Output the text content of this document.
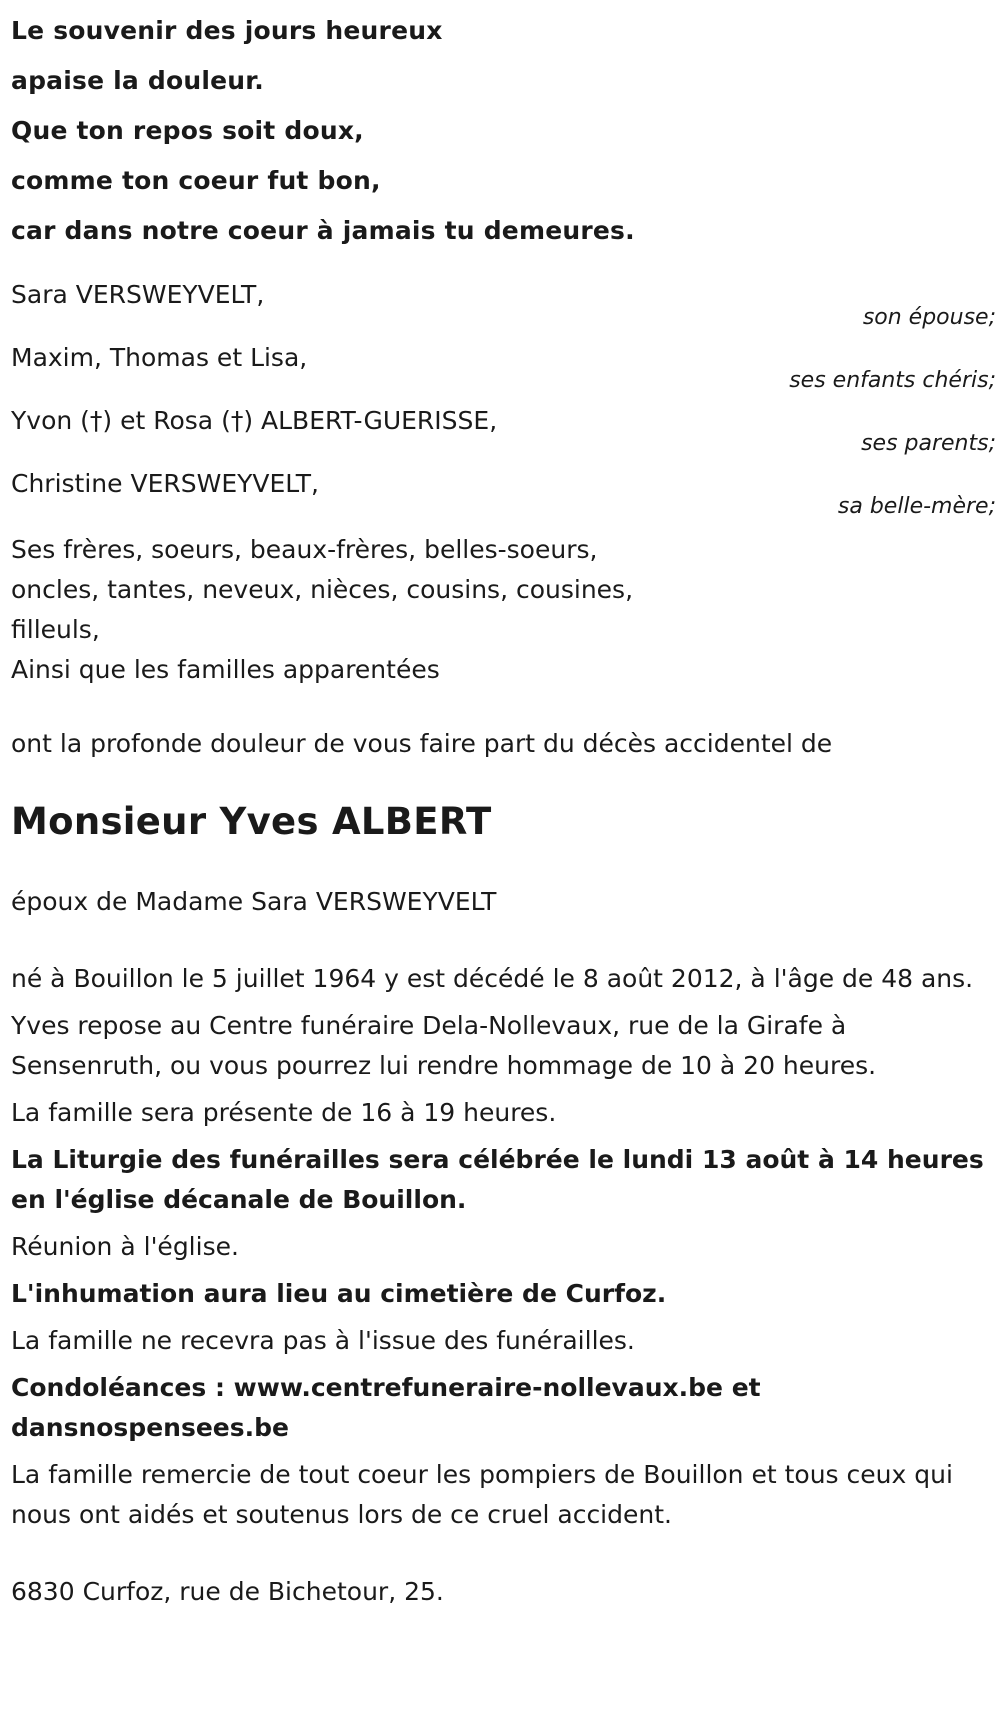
Le souvenir des jours heureux
apaise la douleur.
Que ton repos soit doux,
comme ton coeur fut bon,
car dans notre coeur à jamais tu demeures.
Sara VERSWEYVELT,
son épouse;
Maxim, Thomas et Lisa,
ses enfants chéris;
Yvon (†) et Rosa (†) ALBERT-GUERISSE,
ses parents;
Christine VERSWEYVELT,
sa belle-mère;
Ses frères, soeurs, beaux-frères, belles-soeurs,
oncles, tantes, neveux, nièces, cousins, cousines,
filleuls,
Ainsi que les familles apparentées
ont la profonde douleur de vous faire part du décès accidentel de
Monsieur Yves ALBERT
époux de Madame Sara VERSWEYVELT
né à Bouillon le 5 juillet 1964 y est décédé le 8 août 2012, à l'âge de 48 ans.
Yves repose au Centre funéraire Dela-Nollevaux, rue de la Girafe à Sensenruth, ou vous pourrez lui rendre hommage de 10 à 20 heures.
La famille sera présente de 16 à 19 heures.
La Liturgie des funérailles sera célébrée le lundi 13 août à 14 heures en l'église décanale de Bouillon.
Réunion à l'église.
L'inhumation aura lieu au cimetière de Curfoz.
La famille ne recevra pas à l'issue des funérailles.
Condoléances : www.centrefuneraire-nollevaux.be et dansnospensees.be
La famille remercie de tout coeur les pompiers de Bouillon et tous ceux qui nous ont aidés et soutenus lors de ce cruel accident.
6830 Curfoz, rue de Bichetour, 25.
